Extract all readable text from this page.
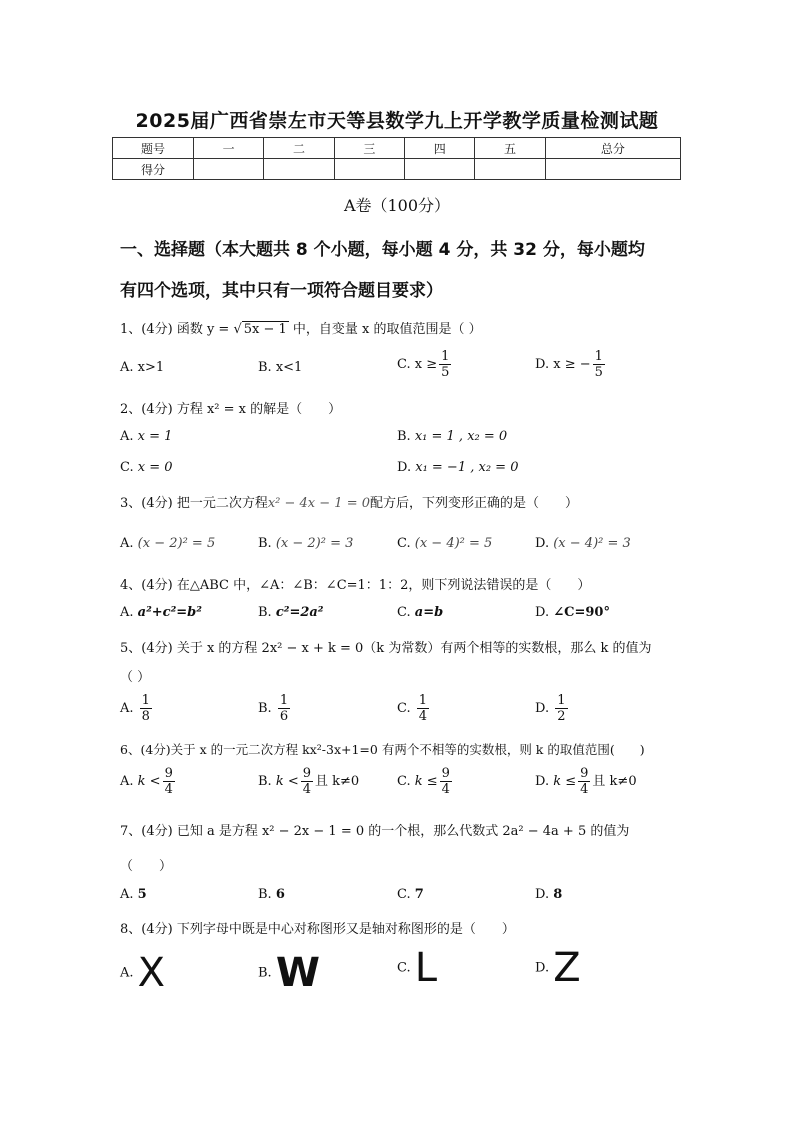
2025届广西省崇左市天等县数学九上开学教学质量检测试题
题号	一	二	三	四	五	总分
得分						
A卷（100分）
一、选择题（本大题共 8 个小题，每小题 4 分，共 32 分，每小题均
有四个选项，其中只有一项符合题目要求）
1、(4分) 函数 y = √ 5x − 1 中，自变量 x 的取值范围是（ ）
A. x>1	B. x<1	C. $x \ge \frac{1}{5}$	D. x ≥ − $\frac{1}{5}$
2、(4分) 方程 x² = x 的解是（　　）
A. x = 1	B. x₁ = 1 , x₂ = 0
C. x = 0	D. x₁ = −1 , x₂ = 0
3、(4分) 把一元二次方程x² − 4x − 1 = 0配方后，下列变形正确的是（　　）
A. (x − 2)² = 5	B. (x − 2)² = 3	C. (x − 4)² = 5	D. (x − 4)² = 3
4、(4分) 在△ABC 中，∠A：∠B：∠C=1：1：2，则下列说法错误的是（　　）
A. a²+c²=b²	B. c²=2a²	C. a=b	D. ∠C=90°
5、(4分) 关于 x 的方程 2x² − x + k = 0（k 为常数）有两个相等的实数根，那么 k 的值为
（ ）
A. $\frac{1}{8}$	B. $\frac{1}{6}$	C. $\frac{1}{4}$	D. $\frac{1}{2}$
6、(4分)关于 x 的一元二次方程 kx²-3x+1=0 有两个不相等的实数根，则 k 的取值范围(　　)
A. $k < \frac{9}{4}$	B. $k < \frac{9}{4}$ 且 k≠0	C. $k \le \frac{9}{4}$	D. $k \le \frac{9}{4}$ 且 k≠0
7、(4分) 已知 a 是方程 x² − 2x − 1 = 0 的一个根，那么代数式 2a² − 4a + 5 的值为
（　　）
A. 5	B. 6	C. 7	D. 8
8、(4分) 下列字母中既是中心对称图形又是轴对称图形的是（　　）
A. X	B. W	C. L	D. Z
